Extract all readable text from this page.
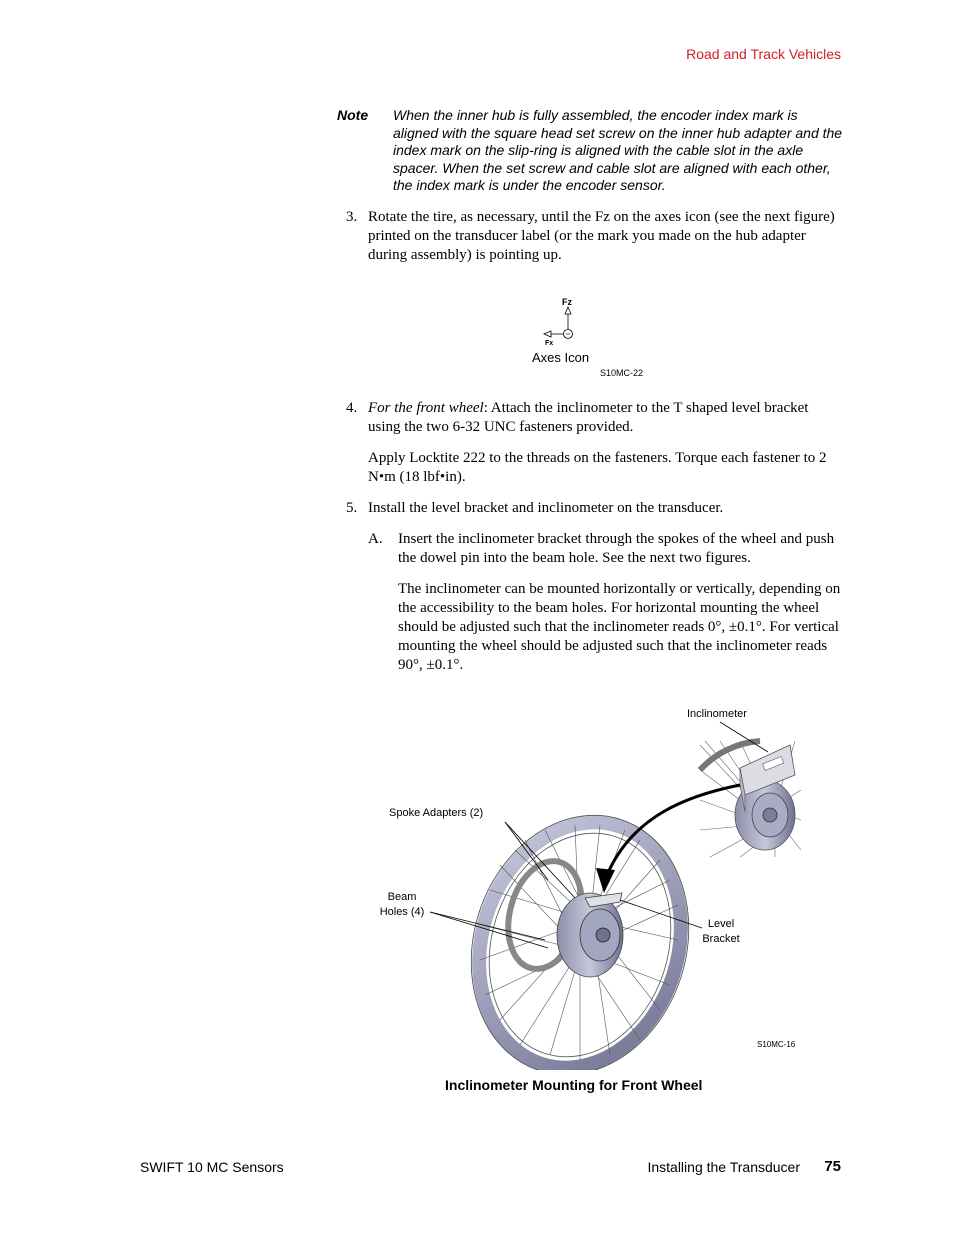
Road and Track Vehicles
Note When the inner hub is fully assembled, the encoder index mark is aligned with the square head set screw on the inner hub adapter and the index mark on the slip-ring is aligned with the cable slot in the axle spacer. When the set screw and cable slot are aligned with each other, the index mark is under the encoder sensor.
3. Rotate the tire, as necessary, until the Fz on the axes icon (see the next figure) printed on the transducer label (or the mark you made on the hub adapter during assembly) is pointing up.
Fz
Fx
Axes Icon
S10MC-22
4. For the front wheel: Attach the inclinometer to the T shaped level bracket using the two 6-32 UNC fasteners provided.
Apply Locktite 222 to the threads on the fasteners. Torque each fastener to 2 N•m (18 lbf•in).
5. Install the level bracket and inclinometer on the transducer.
A. Insert the inclinometer bracket through the spokes of the wheel and push the dowel pin into the beam hole. See the next two figures.
The inclinometer can be mounted horizontally or vertically, depending on the accessibility to the beam holes. For horizontal mounting the wheel should be adjusted such that the inclinometer reads 0°, ±0.1°. For vertical mounting the wheel should be adjusted such that the inclinometer reads 90°, ±0.1°.
Inclinometer
Spoke Adapters (2)
Beam
Holes (4)
Level
Bracket
S10MC-16
Inclinometer Mounting for Front Wheel
SWIFT 10 MC Sensors	Installing the Transducer 75
